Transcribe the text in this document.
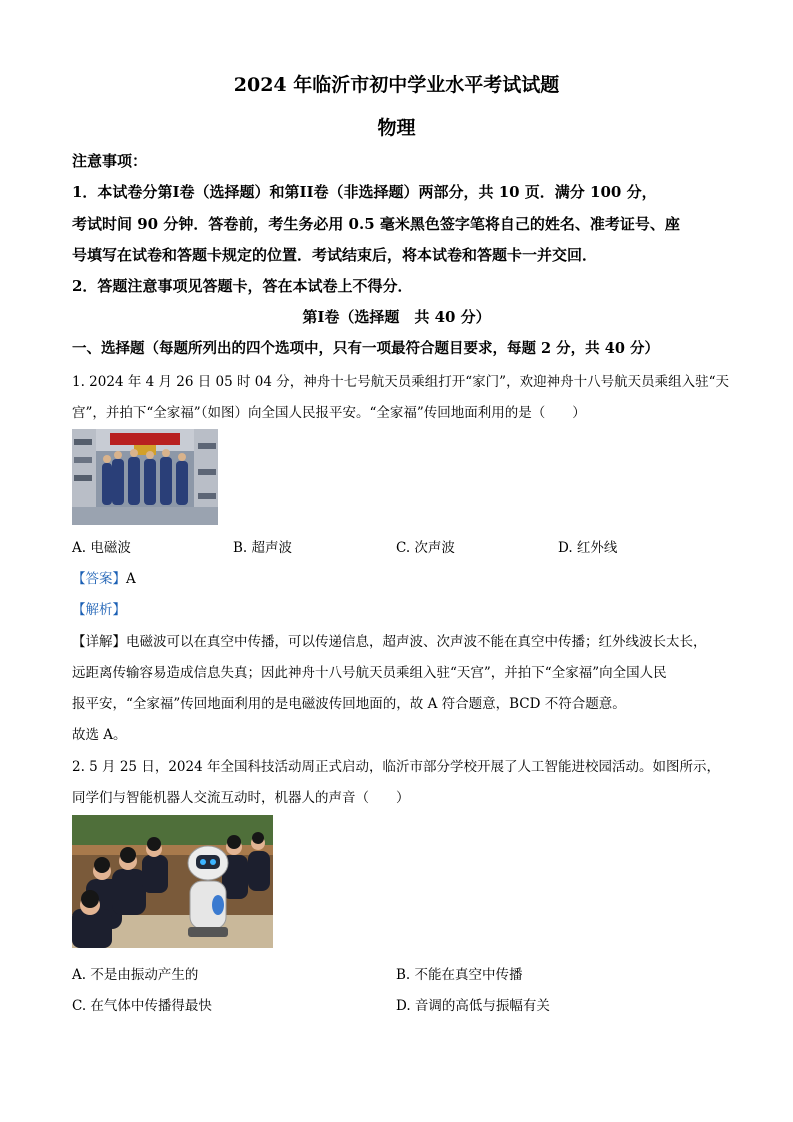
2024 年临沂市初中学业水平考试试题
物理
注意事项：
1．本试卷分第I卷（选择题）和第II卷（非选择题）两部分，共 10 页．满分 100 分，
考试时间 90 分钟．答卷前，考生务必用 0.5 毫米黑色签字笔将自己的姓名、准考证号、座
号填写在试卷和答题卡规定的位置．考试结束后，将本试卷和答题卡一并交回．
2．答题注意事项见答题卡，答在本试卷上不得分．
第I卷（选择题　共 40 分）
一、选择题（每题所列出的四个选项中，只有一项最符合题目要求，每题 2 分，共 40 分）
1. 2024 年 4 月 26 日 05 时 04 分，神舟十七号航天员乘组打开“家门”，欢迎神舟十八号航天员乘组入驻“天
宫”，并拍下“全家福”（如图）向全国人民报平安。“全家福”传回地面利用的是（　　）
A. 电磁波	B. 超声波	C. 次声波	D. 红外线
【答案】A
【解析】
【详解】电磁波可以在真空中传播，可以传递信息，超声波、次声波不能在真空中传播；红外线波长太长，
远距离传输容易造成信息失真；因此神舟十八号航天员乘组入驻“天宫”，并拍下“全家福”向全国人民
报平安，“全家福”传回地面利用的是电磁波传回地面的，故 A 符合题意，BCD 不符合题意。
故选 A。
2. 5 月 25 日，2024 年全国科技活动周正式启动，临沂市部分学校开展了人工智能进校园活动。如图所示，
同学们与智能机器人交流互动时，机器人的声音（　　）
A. 不是由振动产生的	B. 不能在真空中传播
C. 在气体中传播得最快	D. 音调的高低与振幅有关
